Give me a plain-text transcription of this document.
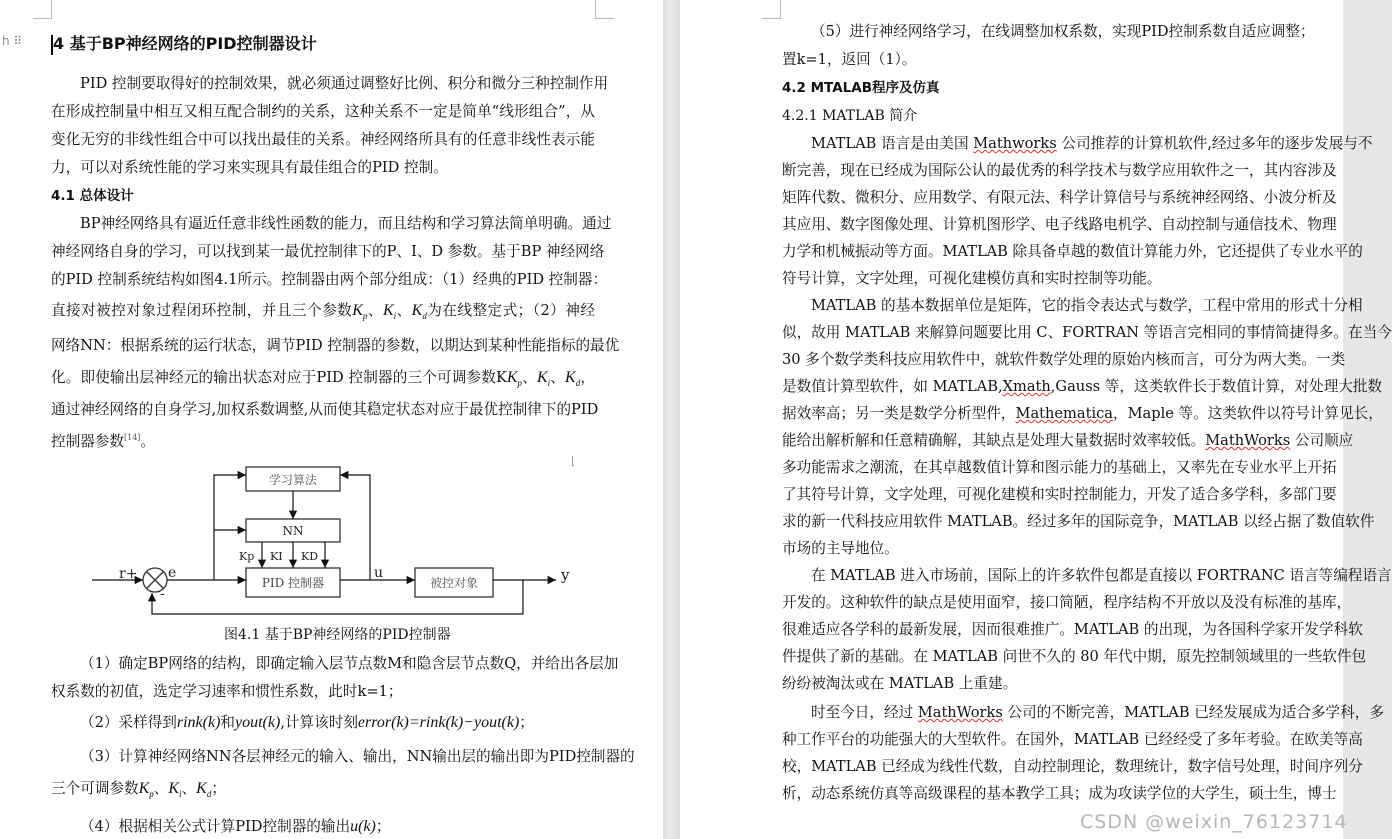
h ⠿ 4 基于BP神经网络的PID控制器设计
4.1 总体设计
学习算法
NN
PID 控制器	被控对象
r+ e
-
u	y
Kp KI KD
图4.1 基于BP神经网络的PID控制器
PID 控制要取得好的控制效果，就必须通过调整好比例、积分和微分三种控制作用
在形成控制量中相互又相互配合制约的关系，这种关系不一定是简单“线形组合”，从
变化无穷的非线性组合中可以找出最佳的关系。神经网络所具有的任意非线性表示能
力，可以对系统性能的学习来实现具有最佳组合的PID 控制。
BP神经网络具有逼近任意非线性函数的能力，而且结构和学习算法简单明确。通过
神经网络自身的学习，可以找到某一最优控制律下的P、I、D 参数。基于BP 神经网络
的PID 控制系统结构如图4.1所示。控制器由两个部分组成：（1）经典的PID 控制器：
直接对被控对象过程闭环控制，并且三个参数$K_p$、$K_i$、$K_d$为在线整定式；（2）神经
网络NN：根据系统的运行状态，调节PID 控制器的参数，以期达到某种性能指标的最优
化。即使输出层神经元的输出状态对应于PID 控制器的三个可调参数$KK_p$、$K_i$、$K_d$，
通过神经网络的自身学习,加权系数调整,从而使其稳定状态对应于最优控制律下的PID
控制器参数[14]。
（1）确定BP网络的结构，即确定输入层节点数M和隐含层节点数Q，并给出各层加
权系数的初值，选定学习速率和惯性系数，此时k=1；
（2）采样得到rink(k)和yout(k),计算该时刻error(k)=rink(k)−yout(k)；
（3）计算神经网络NN各层神经元的输入、输出，NN输出层的输出即为PID控制器的
三个可调参数$K_p$、$K_i$、$K_d$；
（4）根据相关公式计算PID控制器的输出u(k)；
4.2 MTALAB程序及仿真
4.2.1 MATLAB 简介
（5）进行神经网络学习，在线调整加权系数，实现PID控制系数自适应调整；
置k=1，返回（1）。
MATLAB 语言是由美国 Mathworks 公司推荐的计算机软件,经过多年的逐步发展与不
断完善，现在已经成为国际公认的最优秀的科学技术与数学应用软件之一，其内容涉及
矩阵代数、微积分、应用数学、有限元法、科学计算信号与系统神经网络、小波分析及
其应用、数字图像处理、计算机图形学、电子线路电机学、自动控制与通信技术、物理
力学和机械振动等方面。MATLAB 除具备卓越的数值计算能力外，它还提供了专业水平的
符号计算，文字处理，可视化建模仿真和实时控制等功能。
MATLAB 的基本数据单位是矩阵，它的指令表达式与数学，工程中常用的形式十分相
似，故用 MATLAB 来解算问题要比用 C、FORTRAN 等语言完相同的事情简捷得多。在当今
30 多个数学类科技应用软件中，就软件数学处理的原始内核而言，可分为两大类。一类
是数值计算型软件，如 MATLAB,Xmath,Gauss 等，这类软件长于数值计算，对处理大批数
据效率高；另一类是数学分析型件，Mathematica，Maple 等。这类软件以符号计算见长，
能给出解析解和任意精确解，其缺点是处理大量数据时效率较低。MathWorks 公司顺应
多功能需求之潮流，在其卓越数值计算和图示能力的基础上，又率先在专业水平上开拓
了其符号计算，文字处理，可视化建模和实时控制能力，开发了适合多学科，多部门要
求的新一代科技应用软件 MATLAB。经过多年的国际竞争，MATLAB 以经占据了数值软件
市场的主导地位。
在 MATLAB 进入市场前，国际上的许多软件包都是直接以 FORTRANC 语言等编程语言
开发的。这种软件的缺点是使用面窄，接口简陋，程序结构不开放以及没有标准的基库，
很难适应各学科的最新发展，因而很难推广。MATLAB 的出现，为各国科学家开发学科软
件提供了新的基础。在 MATLAB 问世不久的 80 年代中期，原先控制领域里的一些软件包
纷纷被淘汰或在 MATLAB 上重建。
时至今日，经过 MathWorks 公司的不断完善，MATLAB 已经发展成为适合多学科，多
种工作平台的功能强大的大型软件。在国外，MATLAB 已经经受了多年考验。在欧美等高
校，MATLAB 已经成为线性代数，自动控制理论，数理统计，数字信号处理，时间序列分
析，动态系统仿真等高级课程的基本教学工具；成为攻读学位的大学生，硕士生，博士
CSDN @weixin_76123714
